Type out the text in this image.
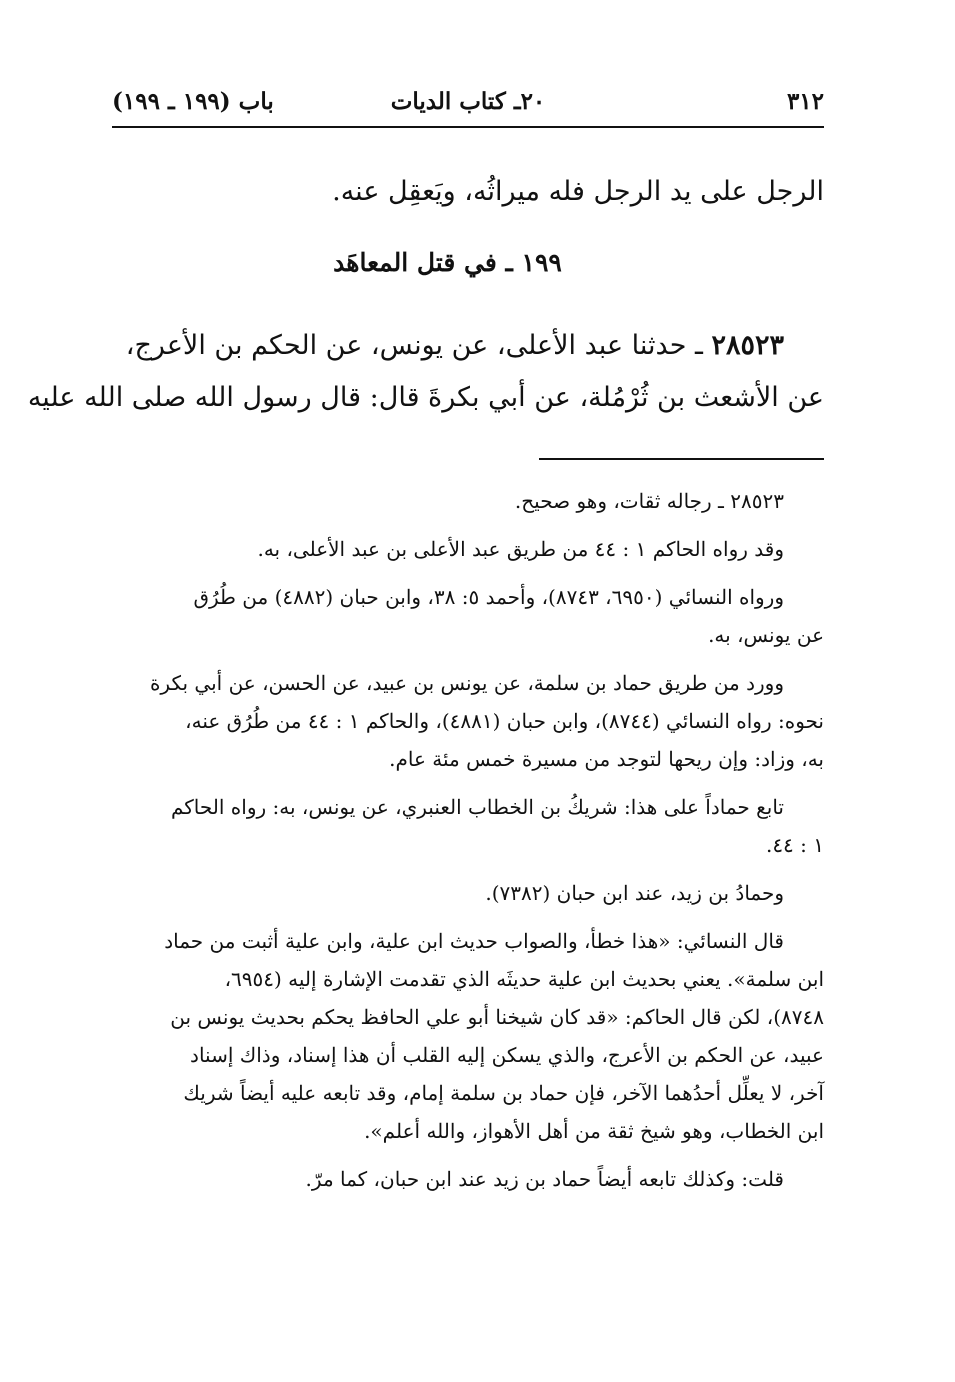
٣١٢
٢٠ـ كتاب الديات
باب (١٩٩ ـ ١٩٩)
الرجل على يد الرجل فله ميراثُه، ويَعقِل عنه.
١٩٩ ـ في قتل المعاهَد
٢٨٥٢٣ ـ حدثنا عبد الأعلى، عن يونس، عن الحكم بن الأعرج،
عن الأشعث بن ثُرْمُلة، عن أبي بكرةَ قال: قال رسول الله صلى الله عليه
٢٨٥٢٣ ـ رجاله ثقات، وهو صحيح.
وقد رواه الحاكم ١ : ٤٤ من طريق عبد الأعلى بن عبد الأعلى، به.
ورواه النسائي (٦٩٥٠، ٨٧٤٣)، وأحمد ٥: ٣٨، وابن حبان (٤٨٨٢) من طُرُق
عن يونس، به.
وورد من طريق حماد بن سلمة، عن يونس بن عبيد، عن الحسن، عن أبي بكرة
نحوه: رواه النسائي (٨٧٤٤)، وابن حبان (٤٨٨١)، والحاكم ١ : ٤٤ من طُرُق عنه،
به، وزاد: وإن ريحها لتوجد من مسيرة خمس مئة عام.
تابع حماداً على هذا: شريكُ بن الخطاب العنبري، عن يونس، به: رواه الحاكم
١ : ٤٤.
وحمادُ بن زيد، عند ابن حبان (٧٣٨٢).
قال النسائي: «هذا خطأ، والصواب حديث ابن علية، وابن علية أثبت من حماد
ابن سلمة». يعني بحديث ابن علية حديثَه الذي تقدمت الإشارة إليه (٦٩٥٤،
٨٧٤٨)، لكن قال الحاكم: «قد كان شيخنا أبو علي الحافظ يحكم بحديث يونس بن
عبيد، عن الحكم بن الأعرج، والذي يسكن إليه القلب أن هذا إسناد، وذاك إسناد
آخر، لا يعلِّل أحدُهما الآخر، فإن حماد بن سلمة إمام، وقد تابعه عليه أيضاً شريك
ابن الخطاب، وهو شيخ ثقة من أهل الأهواز، والله أعلم».
قلت: وكذلك تابعه أيضاً حماد بن زيد عند ابن حبان، كما مرّ.
